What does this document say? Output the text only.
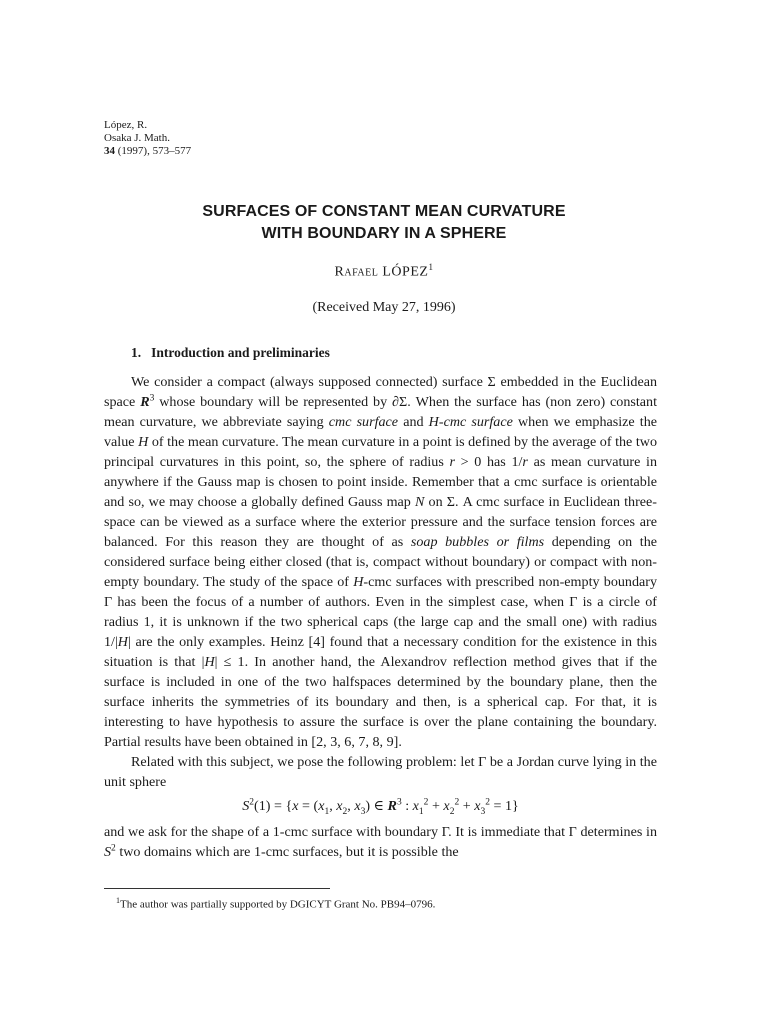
López, R.
Osaka J. Math.
34 (1997), 573–577
SURFACES OF CONSTANT MEAN CURVATURE
WITH BOUNDARY IN A SPHERE
Rafael LÓPEZ$^1$
(Received May 27, 1996)
1. Introduction and preliminaries

We consider a compact (always supposed connected) surface Σ embedded in the Euclidean space $R^3$ whose boundary will be represented by ∂Σ. When the surface has (non zero) constant mean curvature, we abbreviate saying cmc surface and H-cmc surface when we emphasize the value H of the mean curvature. The mean curvature in a point is defined by the average of the two principal curvatures in this point, so, the sphere of radius r > 0 has 1/r as mean curvature in anywhere if the Gauss map is chosen to point inside. Remember that a cmc surface is orientable and so, we may choose a globally defined Gauss map N on Σ. A cmc surface in Euclidean three-space can be viewed as a surface where the exterior pressure and the surface tension forces are balanced. For this reason they are thought of as soap bubbles or films depending on the considered surface being either closed (that is, compact without boundary) or compact with non-empty boundary. The study of the space of H-cmc surfaces with prescribed non-empty boundary Γ has been the focus of a number of authors. Even in the simplest case, when Γ is a circle of radius 1, it is unknown if the two spherical caps (the large cap and the small one) with radius 1/|H| are the only examples. Heinz [4] found that a necessary condition for the existence in this situation is that |H| ≤ 1. In another hand, the Alexandrov reflection method gives that if the surface is included in one of the two halfspaces determined by the boundary plane, then the surface inherits the symmetries of its boundary and then, is a spherical cap. For that, it is interesting to have hypothesis to assure the surface is over the plane containing the boundary. Partial results have been obtained in [2, 3, 6, 7, 8, 9].

Related with this subject, we pose the following problem: let Γ be a Jordan curve lying in the unit sphere

$S^2(1) = \{x = (x_1$, $x_2$, $x_3$) ∈ $R^3$ : $x_1^2 + x_2^2 + x_3^2 = 1$}

and we ask for the shape of a 1-cmc surface with boundary Γ. It is immediate that Γ determines in $S^2$ two domains which are 1-cmc surfaces, but it is possible the

$^1$The author was partially supported by DGICYT Grant No. PB94–0796.
